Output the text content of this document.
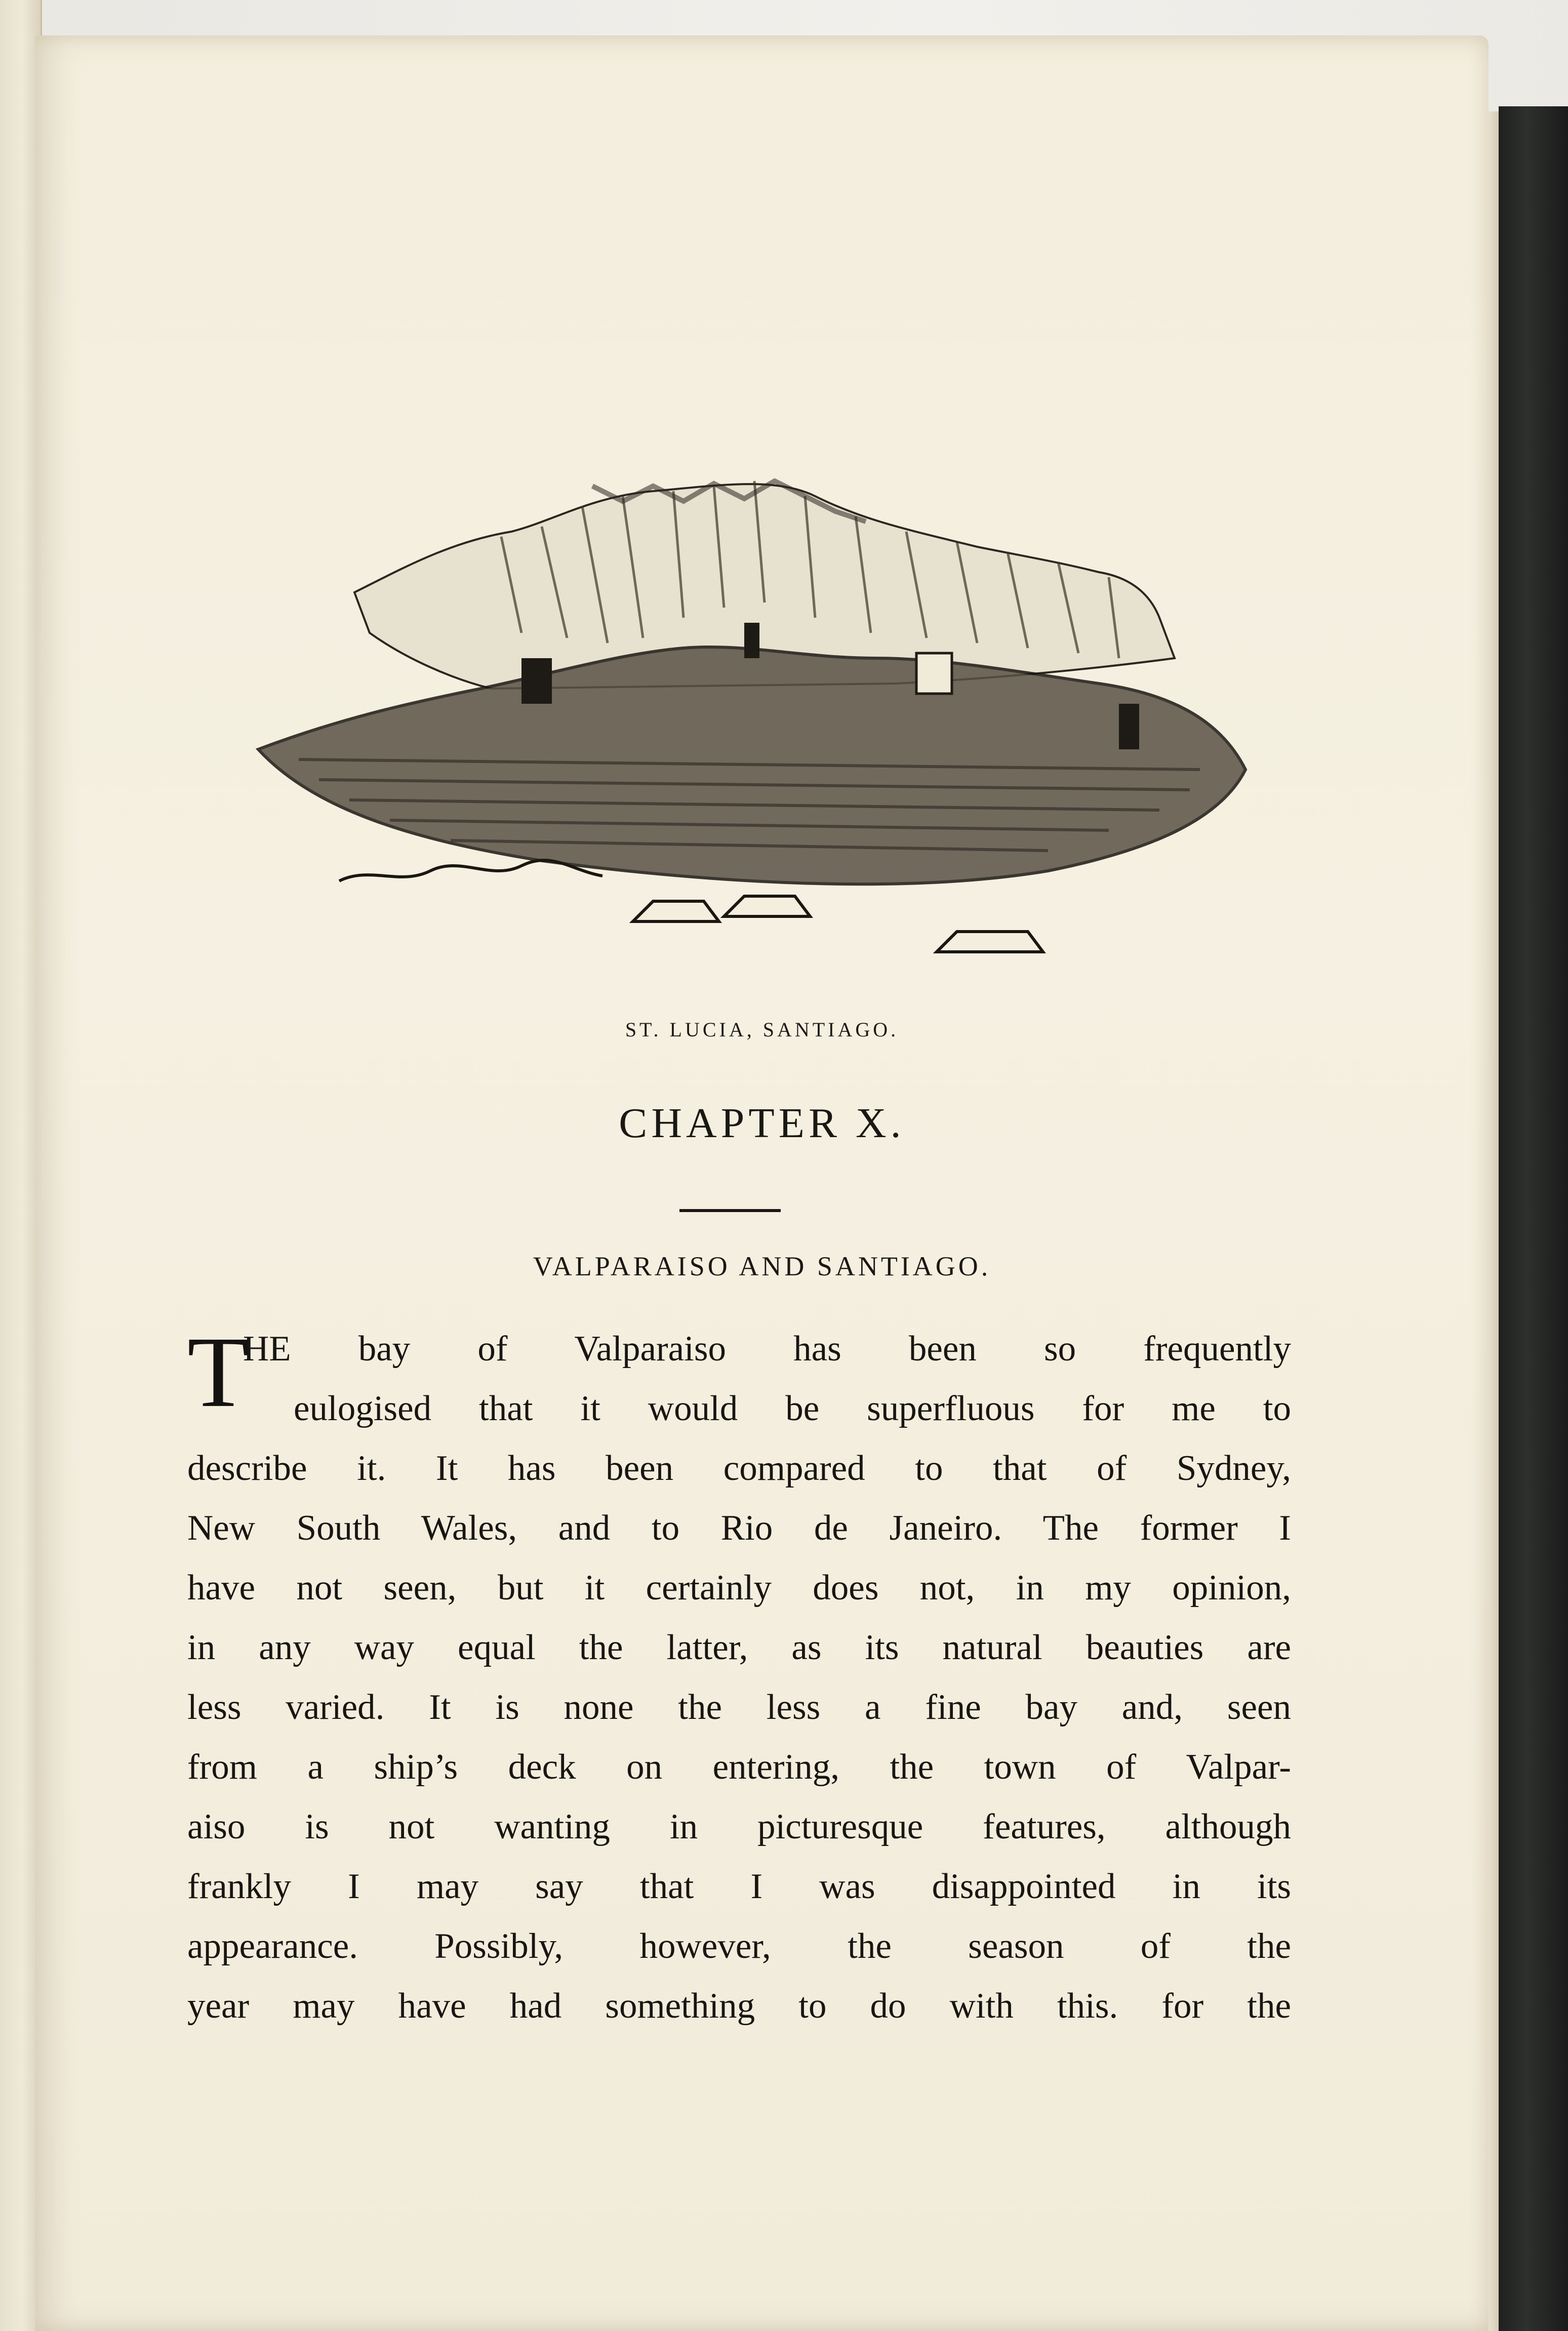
ST. LUCIA, SANTIAGO.
CHAPTER X.
VALPARAISO AND SANTIAGO.
T
HE bay of Valparaiso has been so frequently
eulogised that it would be superfluous for me to
describe it. It has been compared to that of Sydney,
New South Wales, and to Rio de Janeiro. The former I
have not seen, but it certainly does not, in my opinion,
in any way equal the latter, as its natural beauties are
less varied. It is none the less a fine bay and, seen
from a ship’s deck on entering, the town of Valpar-
aiso is not wanting in picturesque features, although
frankly I may say that I was disappointed in its
appearance. Possibly, however, the season of the
year may have had something to do with this. for the
